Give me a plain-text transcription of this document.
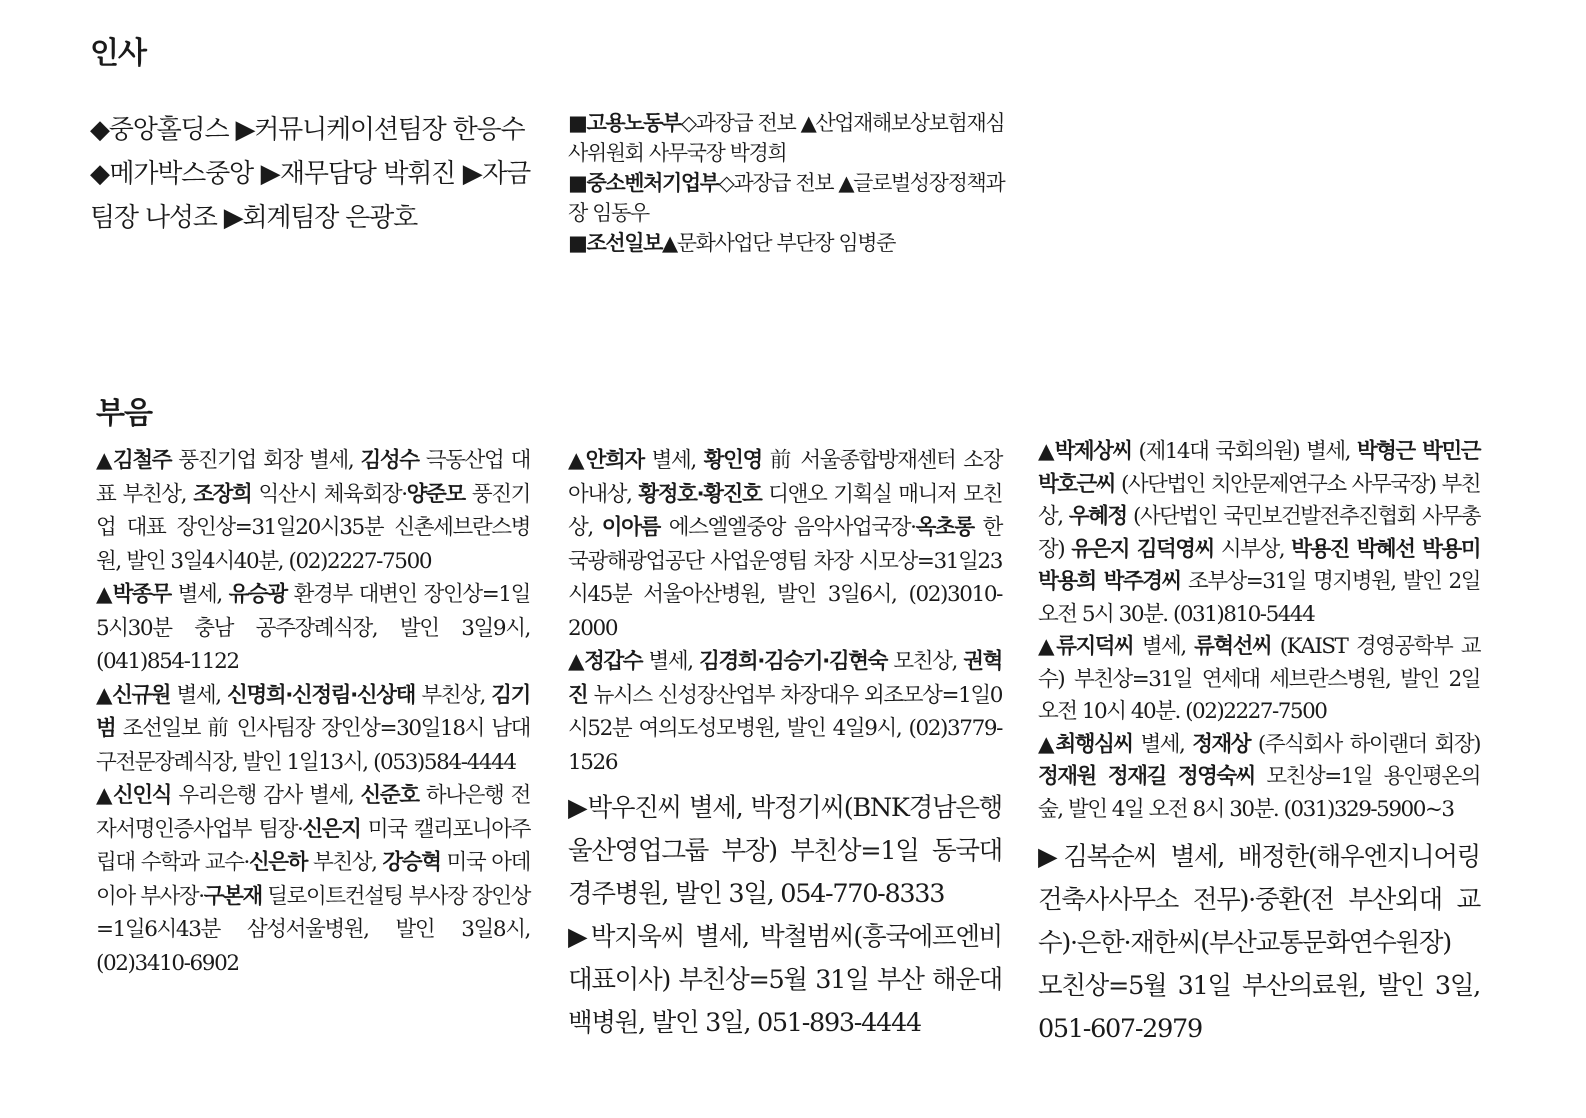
인사

◆중앙홀딩스 ▶커뮤니케이션팀장 한응수

◆메가박스중앙 ▶재무담당 박휘진 ▶자금팀장 나성조 ▶회계팀장 은광호

■고용노동부◇과장급 전보 ▲산업재해보상보험재심사위원회 사무국장 박경희

■중소벤처기업부◇과장급 전보 ▲글로벌성장정책과장 임동우

■조선일보▲문화사업단 부단장 임병준

부음

▲김철주 풍진기업 회장 별세, 김성수 극동산업 대표 부친상, 조장희 익산시 체육회장·양준모 풍진기업 대표 장인상=31일20시35분 신촌세브란스병원, 발인 3일4시40분, (02)2227-7500

▲박종무 별세, 유승광 환경부 대변인 장인상=1일5시30분 충남 공주장례식장, 발인 3일9시, (041)854-1122

▲신규원 별세, 신명희·신정림·신상태 부친상, 김기범 조선일보 前 인사팀장 장인상=30일18시 남대구전문장례식장, 발인 1일13시, (053)584-4444

▲신인식 우리은행 감사 별세, 신준호 하나은행 전자서명인증사업부 팀장·신은지 미국 캘리포니아주립대 수학과 교수·신은하 부친상, 강승혁 미국 아데이아 부사장·구본재 딜로이트컨설팅 부사장 장인상=1일6시43분 삼성서울병원, 발인 3일8시, (02)3410-6902

▲안희자 별세, 황인영 前 서울종합방재센터 소장 아내상, 황정호·황진호 디앤오 기획실 매니저 모친상, 이아름 에스엘엘중앙 음악사업국장·옥초롱 한국광해광업공단 사업운영팀 차장 시모상=31일23시45분 서울아산병원, 발인 3일6시, (02)3010-2000

▲정갑수 별세, 김경희·김승기·김현숙 모친상, 권혁진 뉴시스 신성장산업부 차장대우 외조모상=1일0시52분 여의도성모병원, 발인 4일9시, (02)3779-1526

▶박우진씨 별세, 박정기씨(BNK경남은행 울산영업그룹 부장) 부친상=1일 동국대 경주병원, 발인 3일, 054-770-8333

▶박지욱씨 별세, 박철범씨(흥국에프엔비 대표이사) 부친상=5월 31일 부산 해운대백병원, 발인 3일, 051-893-4444

▲박제상씨 (제14대 국회의원) 별세, 박형근 박민근 박호근씨 (사단법인 치안문제연구소 사무국장) 부친상, 우혜정 (사단법인 국민보건발전추진협회 사무총장) 유은지 김덕영씨 시부상, 박용진 박혜선 박용미 박용희 박주경씨 조부상=31일 명지병원, 발인 2일 오전 5시 30분. (031)810-5444

▲류지덕씨 별세, 류혁선씨 (KAIST 경영공학부 교수) 부친상=31일 연세대 세브란스병원, 발인 2일 오전 10시 40분. (02)2227-7500

▲최행심씨 별세, 정재상 (주식회사 하이랜더 회장) 정재원 정재길 정영숙씨 모친상=1일 용인평온의숲, 발인 4일 오전 8시 30분. (031)329-5900~3

▶김복순씨 별세, 배정한(해우엔지니어링건축사사무소 전무)·중환(전 부산외대 교수)·은한·재한씨(부산교통문화연수원장) 모친상=5월 31일 부산의료원, 발인 3일, 051-607-2979
